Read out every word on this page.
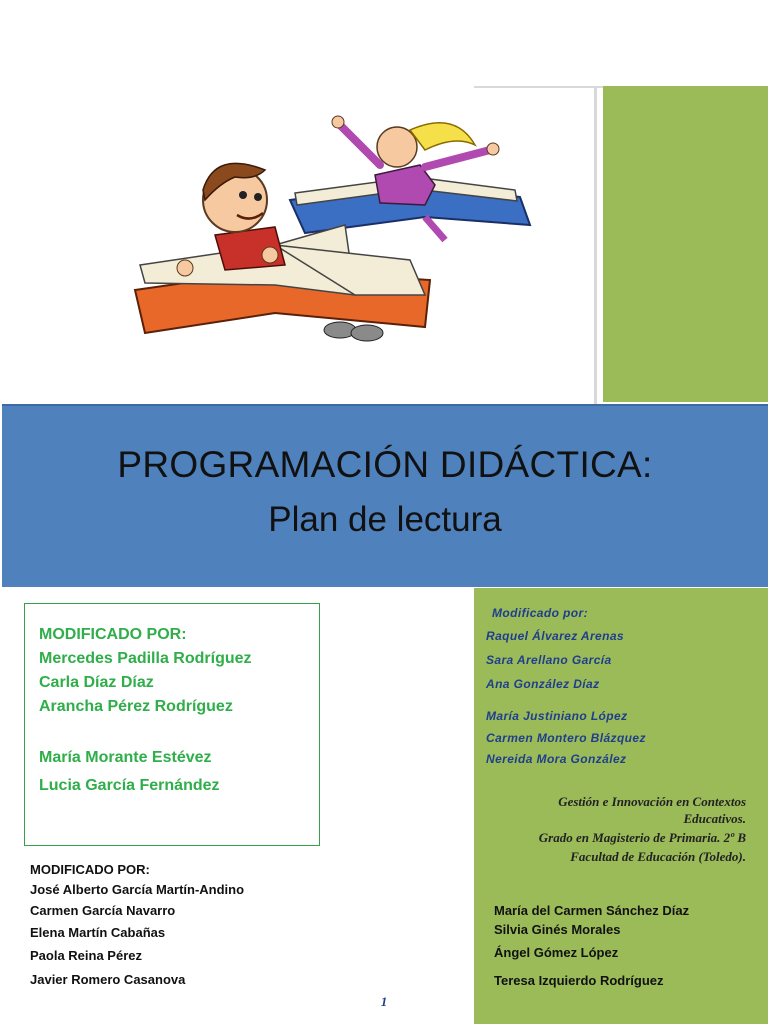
PROGRAMACIÓN DIDÁCTICA:
Plan de lectura
MODIFICADO POR:
Mercedes Padilla Rodríguez
Carla Díaz Díaz
Arancha Pérez Rodríguez
María Morante Estévez
Lucia García Fernández
MODIFICADO POR:
José Alberto García Martín-Andino
Carmen García Navarro
Elena Martín Cabañas
Paola Reina Pérez
Javier Romero Casanova
Modificado por:
Raquel Álvarez Arenas
Sara Arellano García
Ana González Díaz
María Justiniano López
Carmen Montero Blázquez
Nereida Mora González
Gestión e Innovación en Contextos
Educativos.
Grado en Magisterio de Primaria. 2º B
Facultad de Educación (Toledo).
María del Carmen Sánchez Díaz
Silvia Ginés Morales
Ángel Gómez López
Teresa Izquierdo Rodríguez
1
